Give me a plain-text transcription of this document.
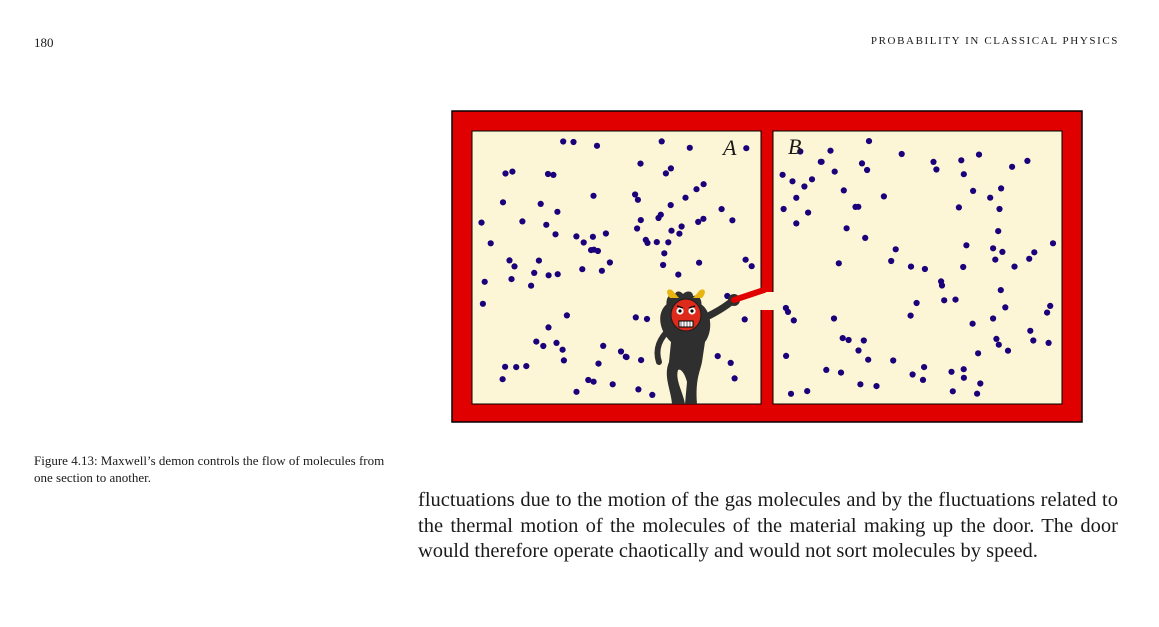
180	PROBABILITY IN CLASSICAL PHYSICS
A B
Figure 4.13: Maxwell’s demon controls the flow of molecules from one section to another.

fluctuations due to the motion of the gas molecules and by the fluctuations related to the thermal motion of the molecules of the material making up the door. The door would therefore operate chaotically and would not sort molecules by speed.
